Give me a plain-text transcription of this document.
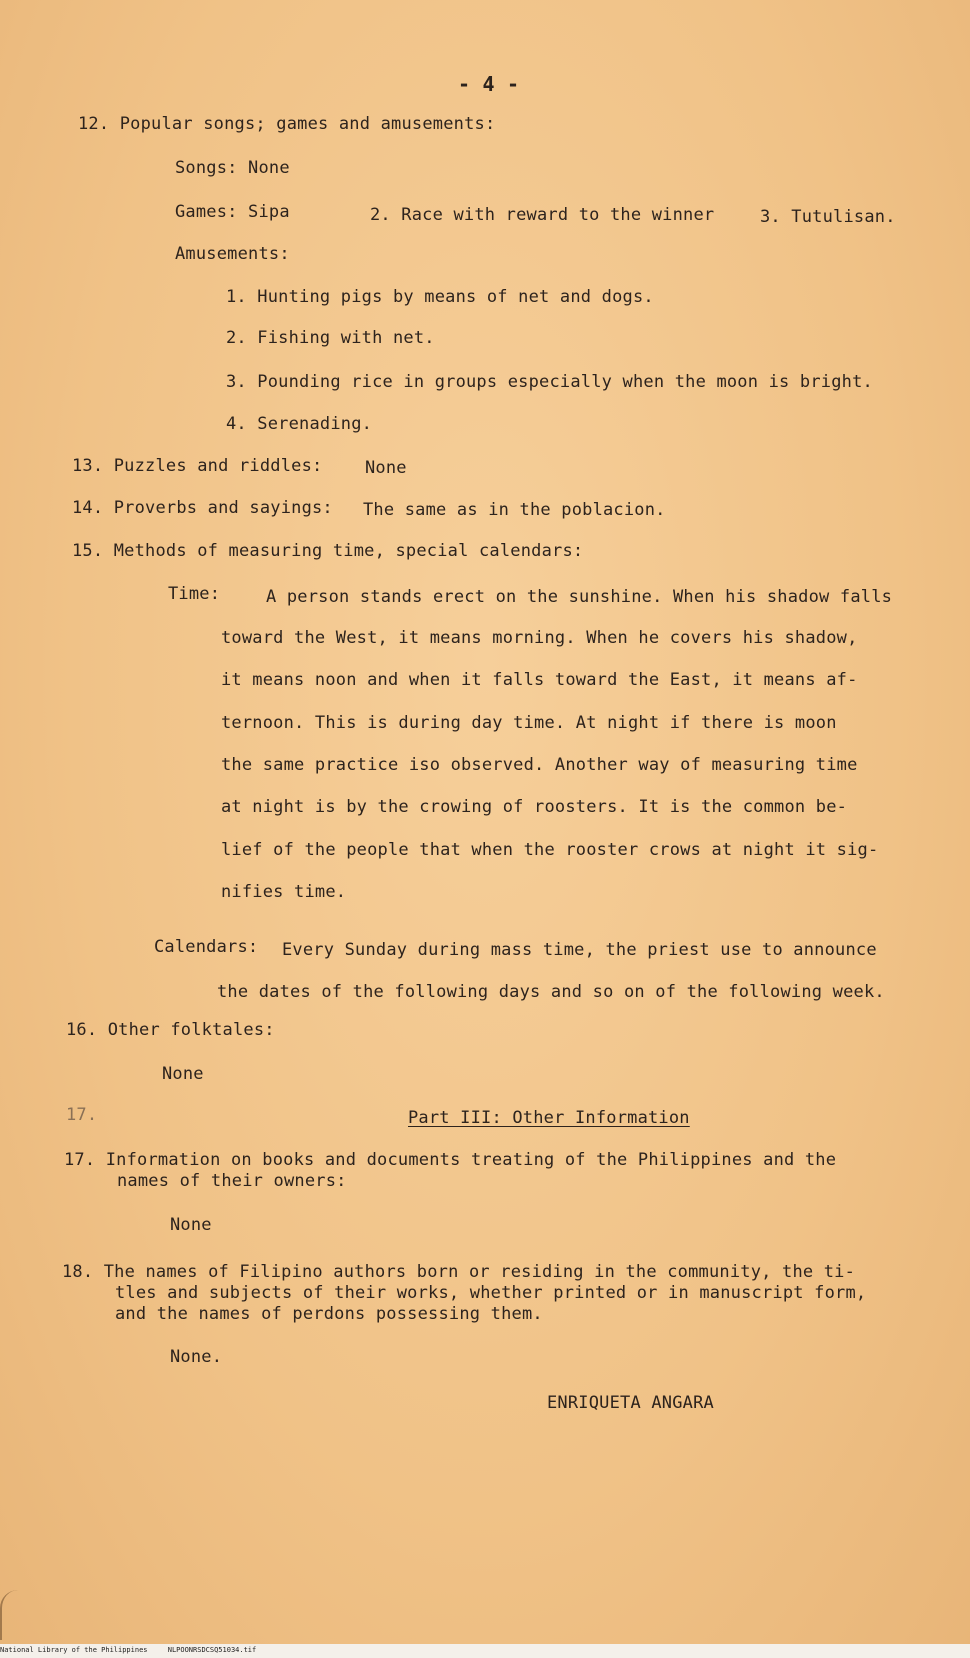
- 4 -
12. Popular songs; games and amusements:
Songs: None
Games: Sipa	2. Race with reward to the winner	3. Tutulisan.
Amusements:
1. Hunting pigs by means of net and dogs.
2. Fishing with net.
3. Pounding rice in groups especially when the moon is bright.
4. Serenading.
13. Puzzles and riddles:	None
14. Proverbs and sayings: The same as in the poblacion.
15. Methods of measuring time, special calendars:
Time:	A person stands erect on the sunshine. When his shadow falls
toward the West, it means morning. When he covers his shadow,
it means noon and when it falls toward the East, it means af-
ternoon. This is during day time. At night if there is moon
the same practice iso observed. Another way of measuring time
at night is by the crowing of roosters. It is the common be-
lief of the people that when the rooster crows at night it sig-
nifies time.
Calendars: Every Sunday during mass time, the priest use to announce
the dates of the following days and so on of the following week.
16. Other folktales:
None
17.	Part III: Other Information
17. Information on books and documents treating of the Philippines and the
names of their owners:
None
18. The names of Filipino authors born or residing in the community, the ti-
tles and subjects of their works, whether printed or in manuscript form,
and the names of perdons possessing them.
None.
ENRIQUETA ANGARA
National Library of the Philippines	NLPOONRSDCSQ51034.tif
